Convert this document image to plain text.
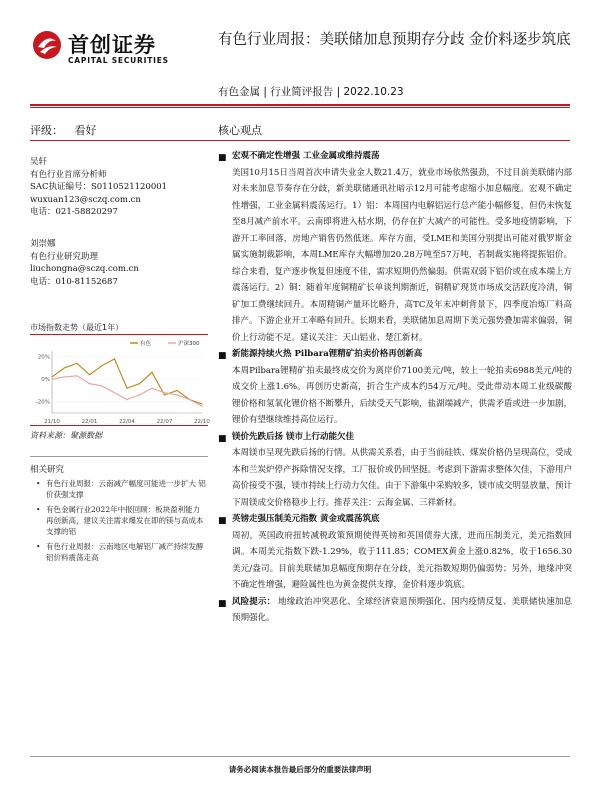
首创证券
CAPITAL SECURITIES
有色行业周报：美联储加息预期存分歧 金价料逐步筑底
有色金属 | 行业简评报告 | 2022.10.23
评级： 看好	核心观点
吴轩
有色行业首席分析师
SAC执证编号：S0110521120001
wuxuan123@sczq.com.cn
电话：021-58820297
刘崇娜
有色行业研究助理
liuchongna@sczq.com.cn
电话：010-81152687
市场指数走势（最近1年）
21/10	22/01	22/04	22/07	22/10
-20%
0%
20%
有色	沪深300
资料来源：聚源数据
相关研究
• 有色行业周报：云南减产幅度可能进一步扩大 铝价获强支撑
• 有色金属行业2022年中报回顾：板块盈利能力再创新高，建议关注需求爆发在即的镁与高成本支撑的铝
• 有色行业周报：云南地区电解铝厂减产持续发酵 铝价料震荡走高
■ 宏观不确定性增强 工业金属或维持震荡
美国10月15日当周首次申请失业金人数21.4万，就业市场依然强劲，不过目前美联储内部对未来加息节奏存在分歧，新美联储通讯社暗示12月可能考虑缩小加息幅度。宏观不确定性增强，工业金属料震荡运行。1）铝：本周国内电解铝运行总产能小幅修复，但仍未恢复至8月减产前水平。云南即将进入枯水期，仍存在扩大减产的可能性。受多地疫情影响，下游开工率回落，房地产销售仍然低迷。库存方面，受LME和美国分别提出可能对俄罗斯金属实施制裁影响，本周LME库存大幅增加20.28万吨至57万吨，若制裁实施将提振铝价。综合来看，复产逐步恢复但速度不佳，需求短期仍然偏弱。供需双弱下铝价或在成本端上方震荡运行。2）铜：随着年度铜精矿长单谈判期渐近，铜精矿现货市场成交活跃度冷清，铜矿加工费继续回升。本周精铜产量环比略升，高TC及年末冲刺背景下，四季度冶炼厂料高排产。下游企业开工率略有回升。长期来看，美联储加息周期下美元强势叠加需求偏弱，铜价上行动能不足。建议关注：天山铝业、楚江新材。
■ 新能源持续火热 Pilbara锂精矿拍卖价格再创新高
本周Pilbara锂精矿拍卖最终成交价为离岸价7100美元/吨，较上一轮拍卖6988美元/吨的成交价上涨1.6%。再创历史新高，折合生产成本约54万元/吨。受此带动本周工业级碳酸锂价格和氢氧化锂价格不断攀升，后续受天气影响，盐湖端减产，供需矛盾或进一步加剧，锂价有望继续维持高位运行。
■ 镁价先跌后扬 镁市上行动能欠佳
本周镁市呈现先跌后扬的行情。从供需关系看，由于当前硅铁、煤炭价格仍呈现高位，受成本和兰炭炉停产拆除情况支撑，工厂报价或仍回坚挺。考虑到下游需求整体欠佳，下游用户高价接受不强，镁市持续上行动力欠佳。由于下游集中采购较多，镁市成交明显放量，预计下周镁成交价格稳步上行。推荐关注：云海金属、三祥新材。
■ 英镑走强压制美元指数 黄金或震荡筑底
周初，英国政府扭转减税政策预期使得英镑和英国债券大涨，进而压制美元，美元指数回调。本周美元指数下跌-1.29%，收于111.85；COMEX黄金上涨0.82%，收于1656.30美元/盎司。目前美联储加息幅度预期存在分歧，美元指数短期仍偏弱势；另外，地缘冲突不确定性增强，避险属性也为黄金提供支撑，金价料逐步筑底。
■ 风险提示： 地缘政治冲突恶化、全球经济衰退预期强化、国内疫情反复、美联储快速加息预期强化。
请务必阅读本报告最后部分的重要法律声明
